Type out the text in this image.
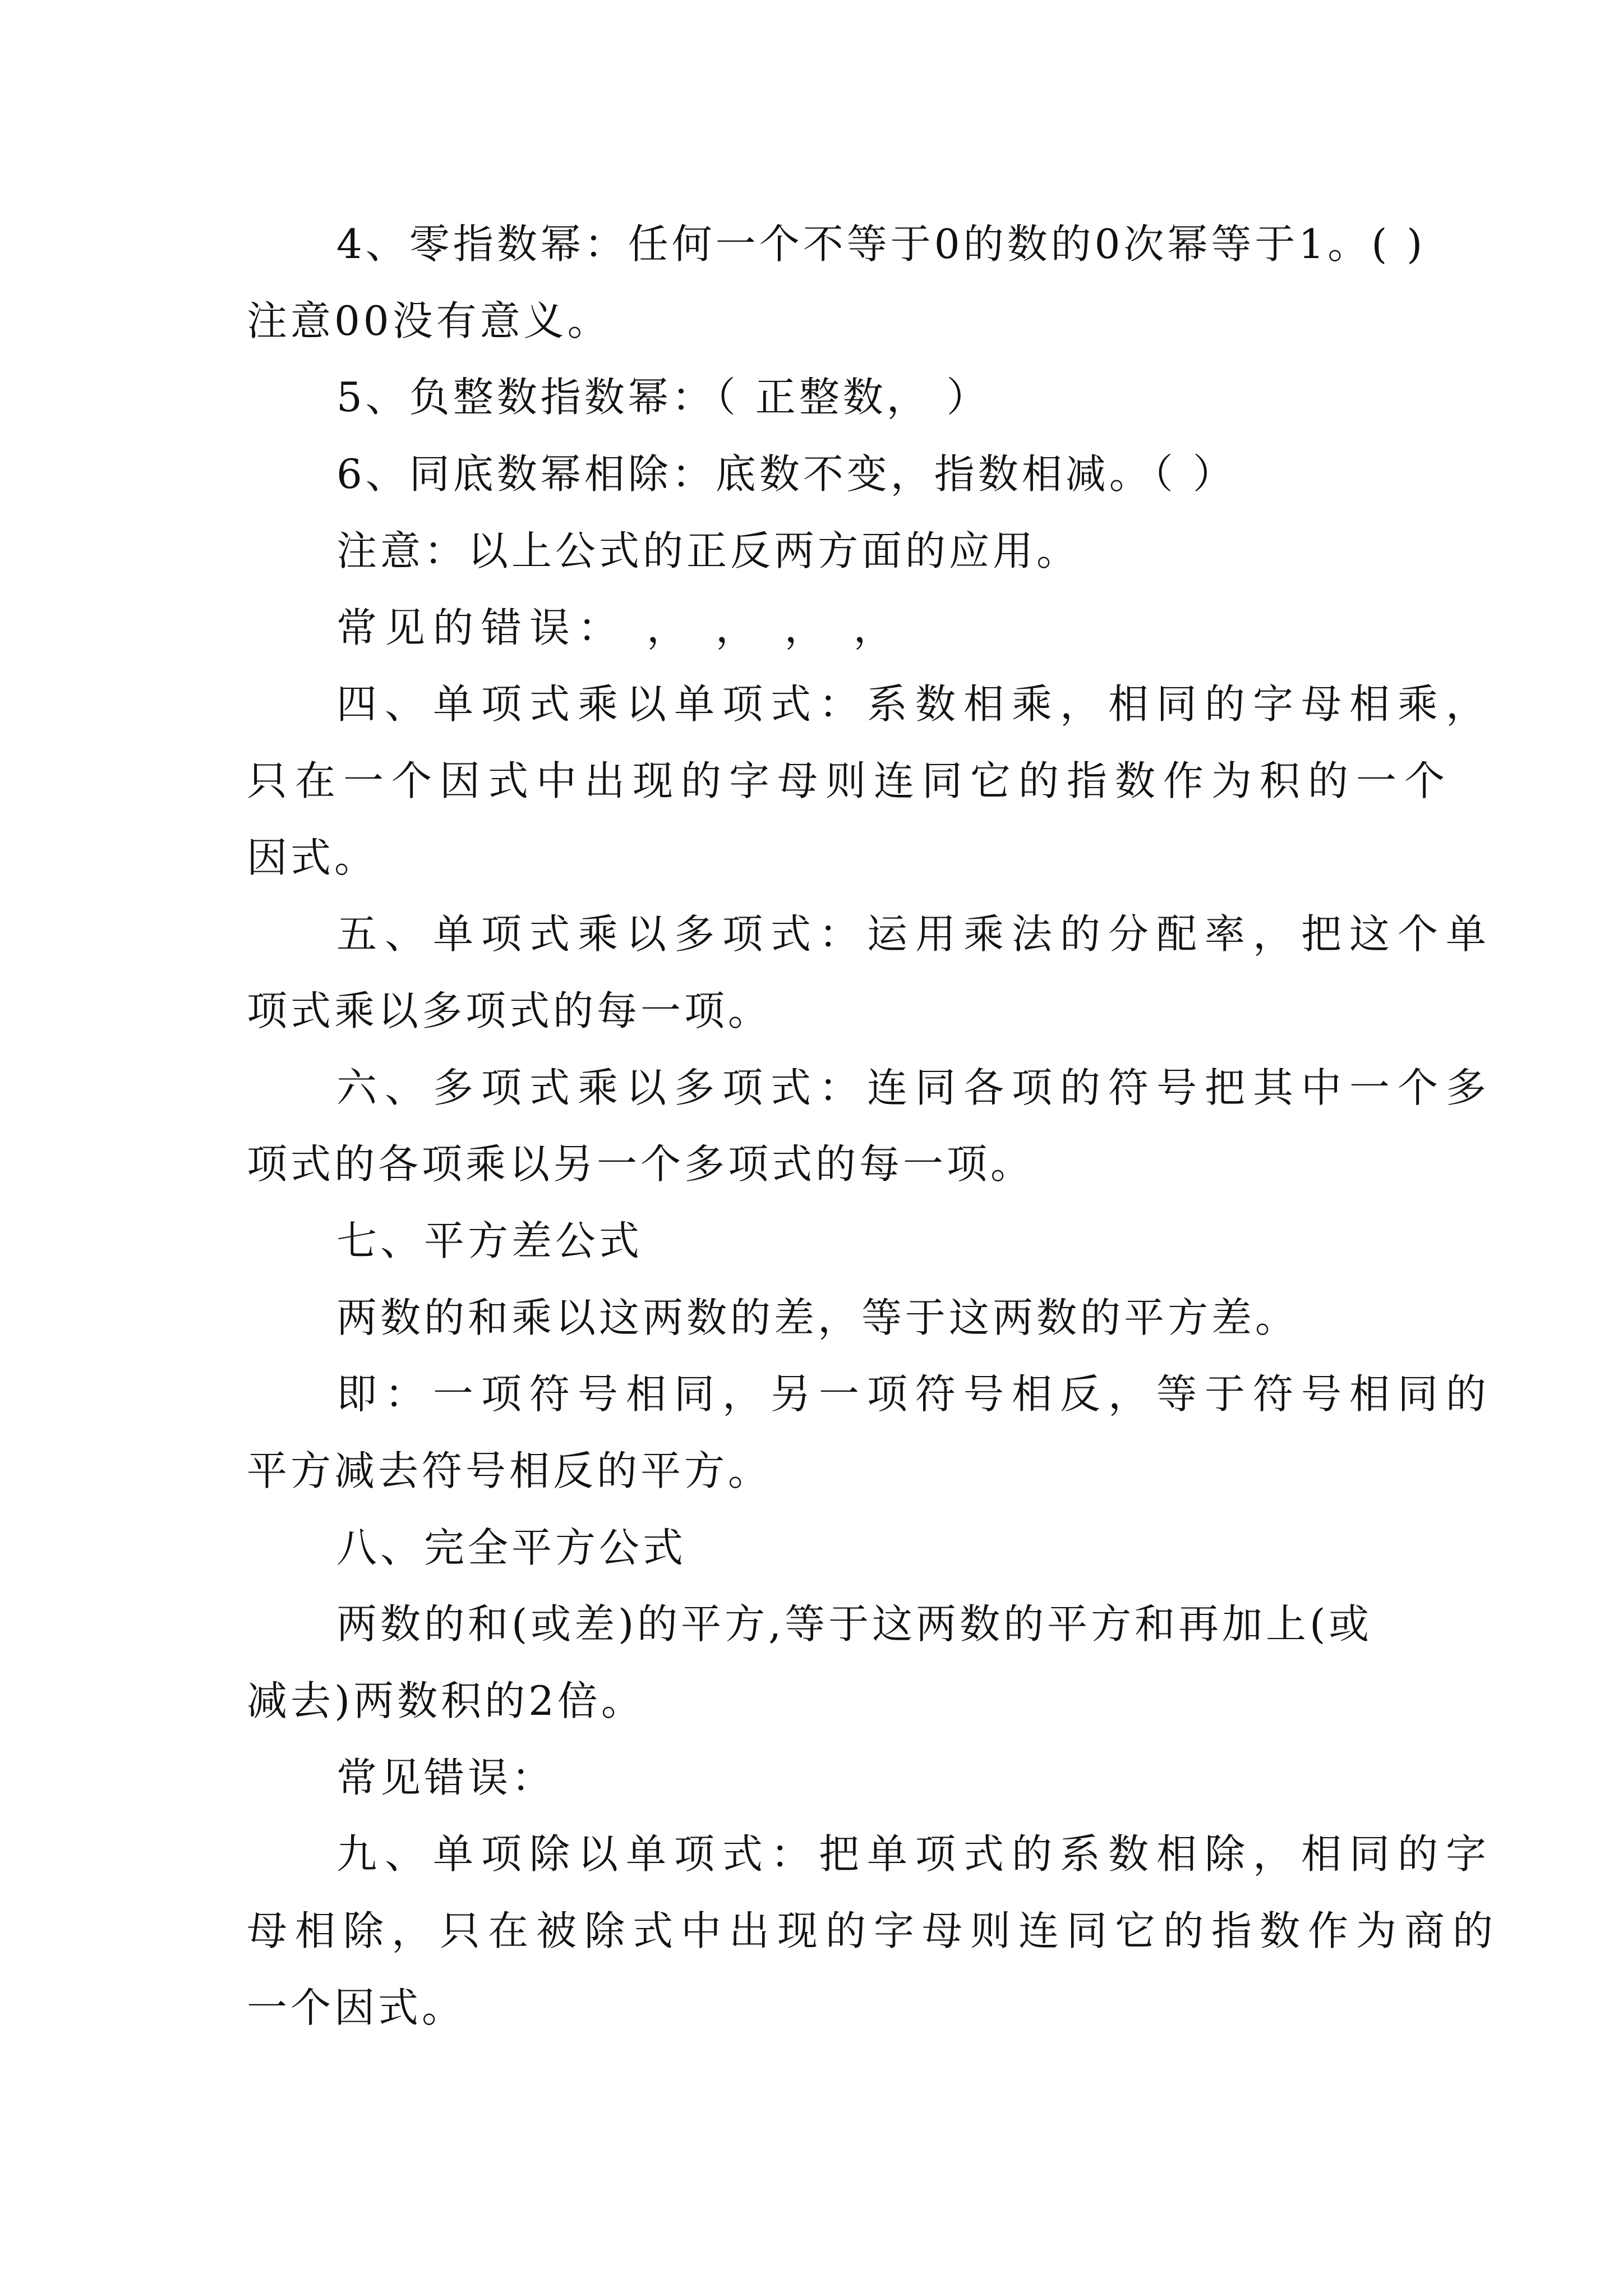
4、零指数幂：任何一个不等于0的数的0次幂等于1。( )
注意00没有意义。
5、负整数指数幂：（ 正整数， ）
6、同底数幂相除：底数不变，指数相减。（ ）
注意：以上公式的正反两方面的应用。
常见的错误： ， ， ， ，
四、单项式乘以单项式：系数相乘，相同的字母相乘，
只在一个因式中出现的字母则连同它的指数作为积的一个
因式。
五、单项式乘以多项式：运用乘法的分配率，把这个单
项式乘以多项式的每一项。
六、多项式乘以多项式：连同各项的符号把其中一个多
项式的各项乘以另一个多项式的每一项。
七、平方差公式
两数的和乘以这两数的差，等于这两数的平方差。
即：一项符号相同，另一项符号相反，等于符号相同的
平方减去符号相反的平方。
八、完全平方公式
两数的和(或差)的平方,等于这两数的平方和再加上(或
减去)两数积的2倍。
常见错误：
九、单项除以单项式：把单项式的系数相除，相同的字
母相除，只在被除式中出现的字母则连同它的指数作为商的
一个因式。
